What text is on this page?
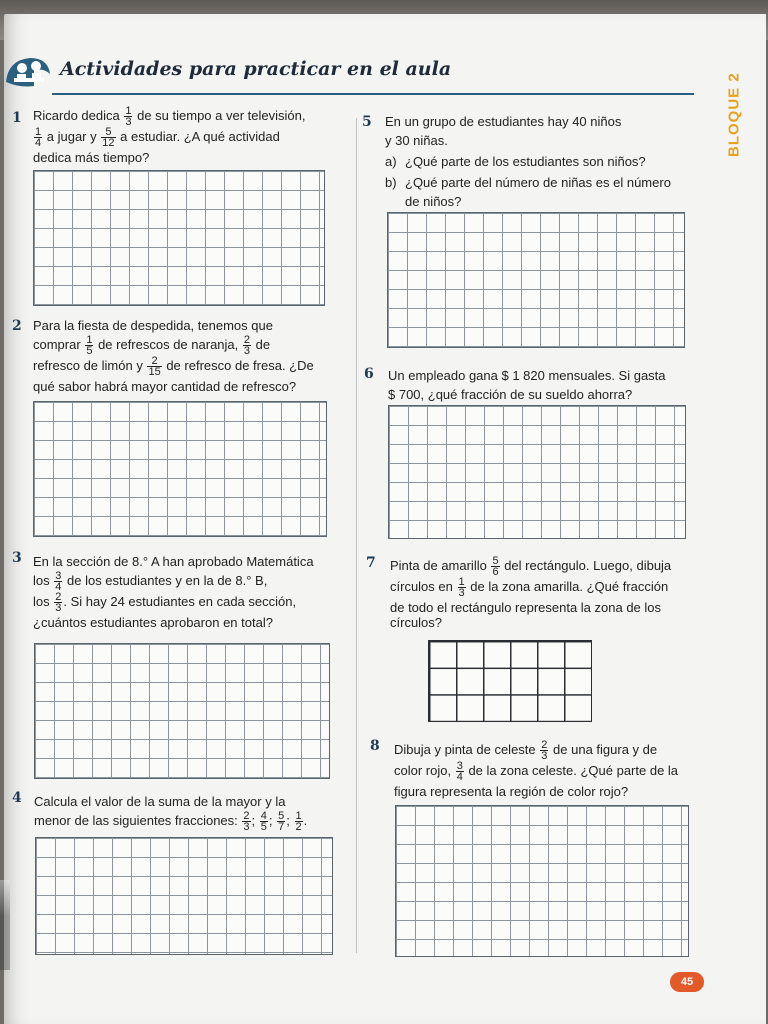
Actividades para practicar en el aula
BLOQUE 2
1 Ricardo dedica $\frac{1}{3}$ de su tiempo a ver televisión,
$\frac{1}{4}$ a jugar y $\frac{5}{12}$ a estudiar. ¿A qué actividad
dedica más tiempo?
2 Para la fiesta de despedida, tenemos que
comprar $\frac{1}{5}$ de refrescos de naranja, $\frac{2}{3}$ de
refresco de limón y $\frac{2}{15}$ de refresco de fresa. ¿De
qué sabor habrá mayor cantidad de refresco?
3 En la sección de 8.° A han aprobado Matemática
los $\frac{3}{4}$ de los estudiantes y en la de 8.° B,
los $\frac{2}{3}$ . Si hay 24 estudiantes en cada sección,
¿cuántos estudiantes aprobaron en total?
4 Calcula el valor de la suma de la mayor y la
menor de las siguientes fracciones: $\frac{2}{3}$ ; $\frac{4}{5}$ ; $\frac{5}{7}$ ; $\frac{1}{2}$ .
5 En un grupo de estudiantes hay 40 niños
y 30 niñas.
a) ¿Qué parte de los estudiantes son niños?
b) ¿Qué parte del número de niñas es el número
de niños?
6 Un empleado gana $ 1 820 mensuales. Si gasta
$ 700, ¿qué fracción de su sueldo ahorra?
7 Pinta de amarillo $\frac{5}{6}$ del rectángulo. Luego, dibuja
círculos en $\frac{1}{3}$ de la zona amarilla. ¿Qué fracción
de todo el rectángulo representa la zona de los
círculos?
8 Dibuja y pinta de celeste $\frac{2}{3}$ de una figura y de
color rojo, $\frac{3}{4}$ de la zona celeste. ¿Qué parte de la
figura representa la región de color rojo?
45
